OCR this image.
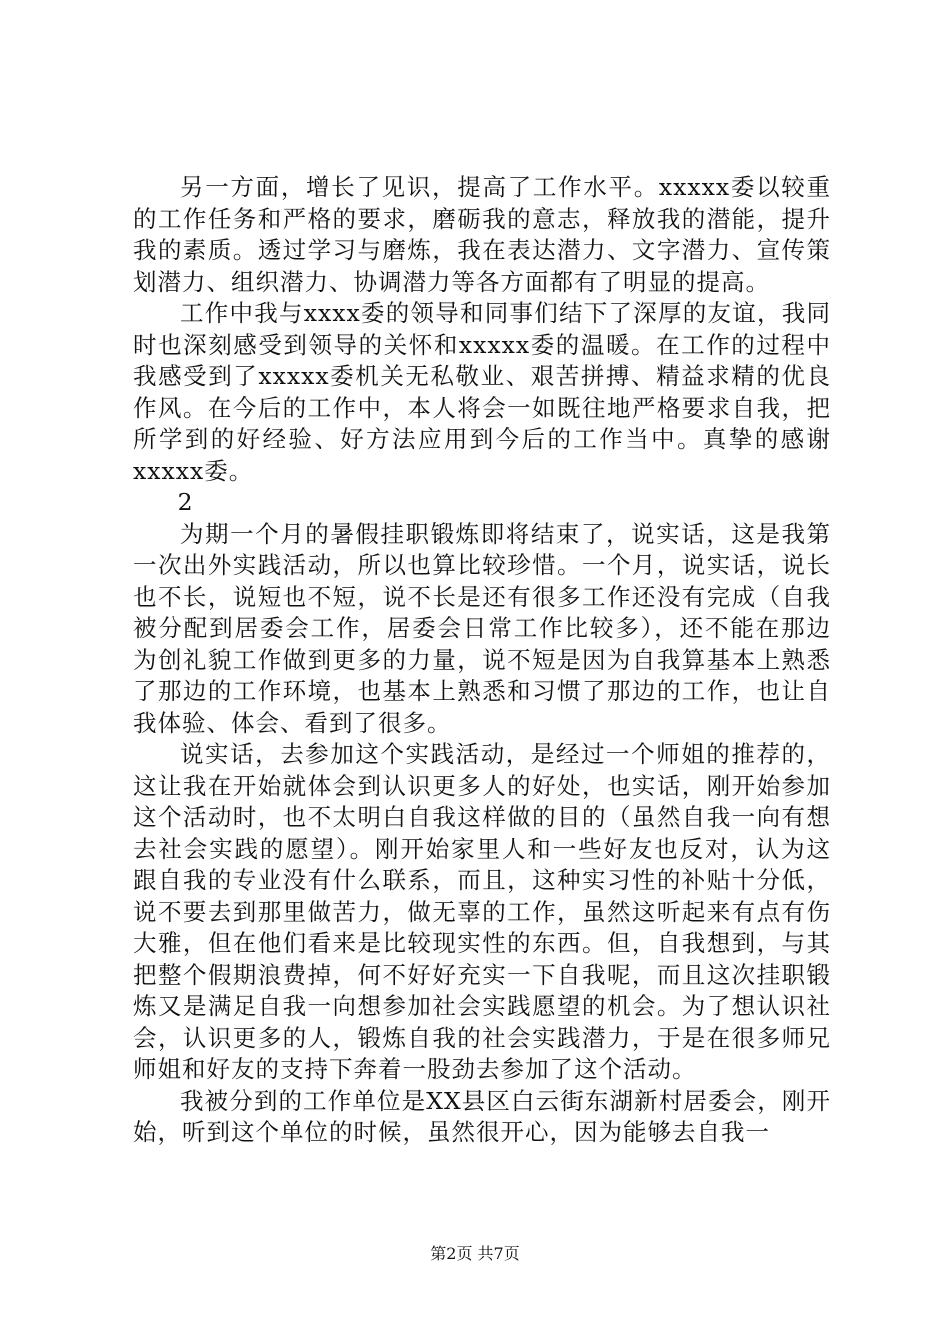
另一方面，增长了见识，提高了工作水平。xxxxx委以较重的工作任务和严格的要求，磨砺我的意志，释放我的潜能，提升我的素质。透过学习与磨炼，我在表达潜力、文字潜力、宣传策划潜力、组织潜力、协调潜力等各方面都有了明显的提高。

工作中我与xxxx委的领导和同事们结下了深厚的友谊，我同时也深刻感受到领导的关怀和xxxxx委的温暖。在工作的过程中我感受到了xxxxx委机关无私敬业、艰苦拼搏、精益求精的优良作风。在今后的工作中，本人将会一如既往地严格要求自我，把所学到的好经验、好方法应用到今后的工作当中。真挚的感谢xxxxx委。

2

为期一个月的暑假挂职锻炼即将结束了，说实话，这是我第一次出外实践活动，所以也算比较珍惜。一个月，说实话，说长也不长，说短也不短，说不长是还有很多工作还没有完成（自我被分配到居委会工作，居委会日常工作比较多），还不能在那边为创礼貌工作做到更多的力量，说不短是因为自我算基本上熟悉了那边的工作环境，也基本上熟悉和习惯了那边的工作，也让自我体验、体会、看到了很多。

说实话，去参加这个实践活动，是经过一个师姐的推荐的，这让我在开始就体会到认识更多人的好处，也实话，刚开始参加这个活动时，也不太明白自我这样做的目的（虽然自我一向有想去社会实践的愿望）。刚开始家里人和一些好友也反对，认为这跟自我的专业没有什么联系，而且，这种实习性的补贴十分低，说不要去到那里做苦力，做无辜的工作，虽然这听起来有点有伤大雅，但在他们看来是比较现实性的东西。但，自我想到，与其把整个假期浪费掉，何不好好充实一下自我呢，而且这次挂职锻炼又是满足自我一向想参加社会实践愿望的机会。为了想认识社会，认识更多的人，锻炼自我的社会实践潜力，于是在很多师兄师姐和好友的支持下奔着一股劲去参加了这个活动。

我被分到的工作单位是XX县区白云街东湖新村居委会，刚开始，听到这个单位的时候，虽然很开心，因为能够去自我一

第2页 共7页
